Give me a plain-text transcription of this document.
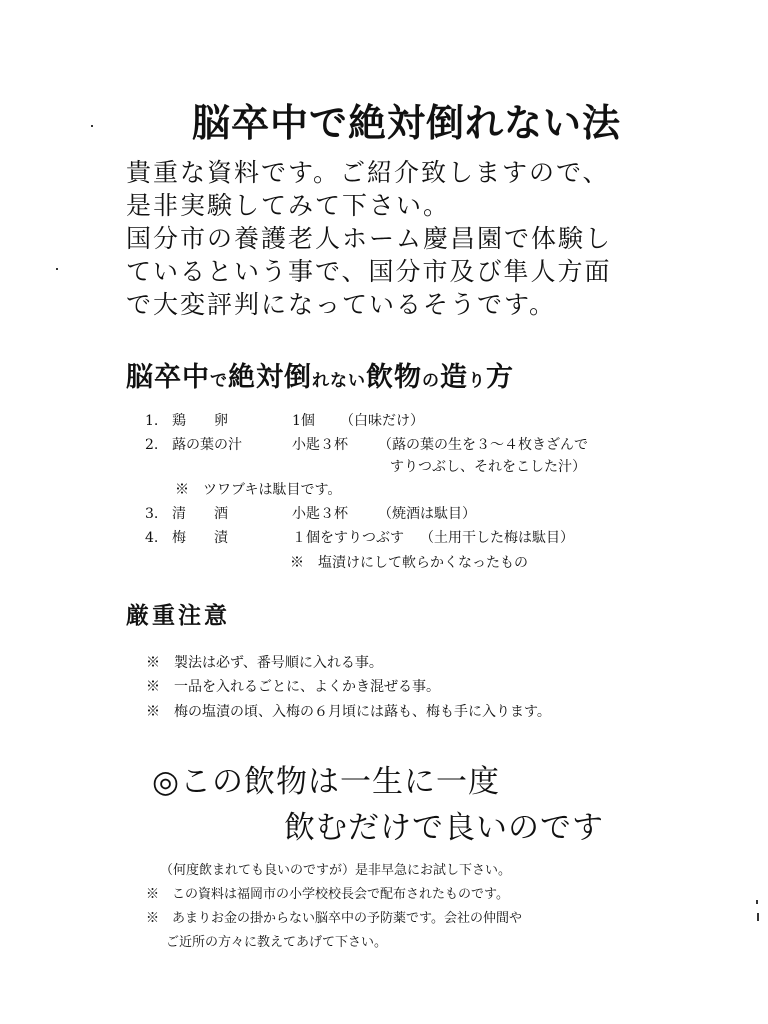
脳卒中で絶対倒れない法
貴重な資料です。ご紹介致しますので、
是非実験してみて下さい。
国分市の養護老人ホーム慶昌園で体験し
ているという事で、国分市及び隼人方面
で大変評判になっているそうです。
脳卒中で絶対倒れない飲物の造り方
1. 鶏　　卵	1個 （白味だけ）
2. 蕗の葉の汁	小匙３杯 （蕗の葉の生を３～４枚きざんで
すりつぶし、それをこした汁）
※　ツワブキは駄目です。
3. 清　　酒	小匙３杯 （焼酒は駄目）
4. 梅　　漬	１個をすりつぶす （土用干した梅は駄目）
※　塩漬けにして軟らかくなったもの
厳重注意
※　製法は必ず、番号順に入れる事。
※　一品を入れるごとに、よくかき混ぜる事。
※　梅の塩漬の頃、入梅の６月頃には蕗も、梅も手に入ります。
◎この飲物は一生に一度
飲むだけで良いのです
（何度飲まれても良いのですが）是非早急にお試し下さい。
※　この資料は福岡市の小学校校長会で配布されたものです。
※　あまりお金の掛からない脳卒中の予防薬です。会社の仲間や
ご近所の方々に教えてあげて下さい。
